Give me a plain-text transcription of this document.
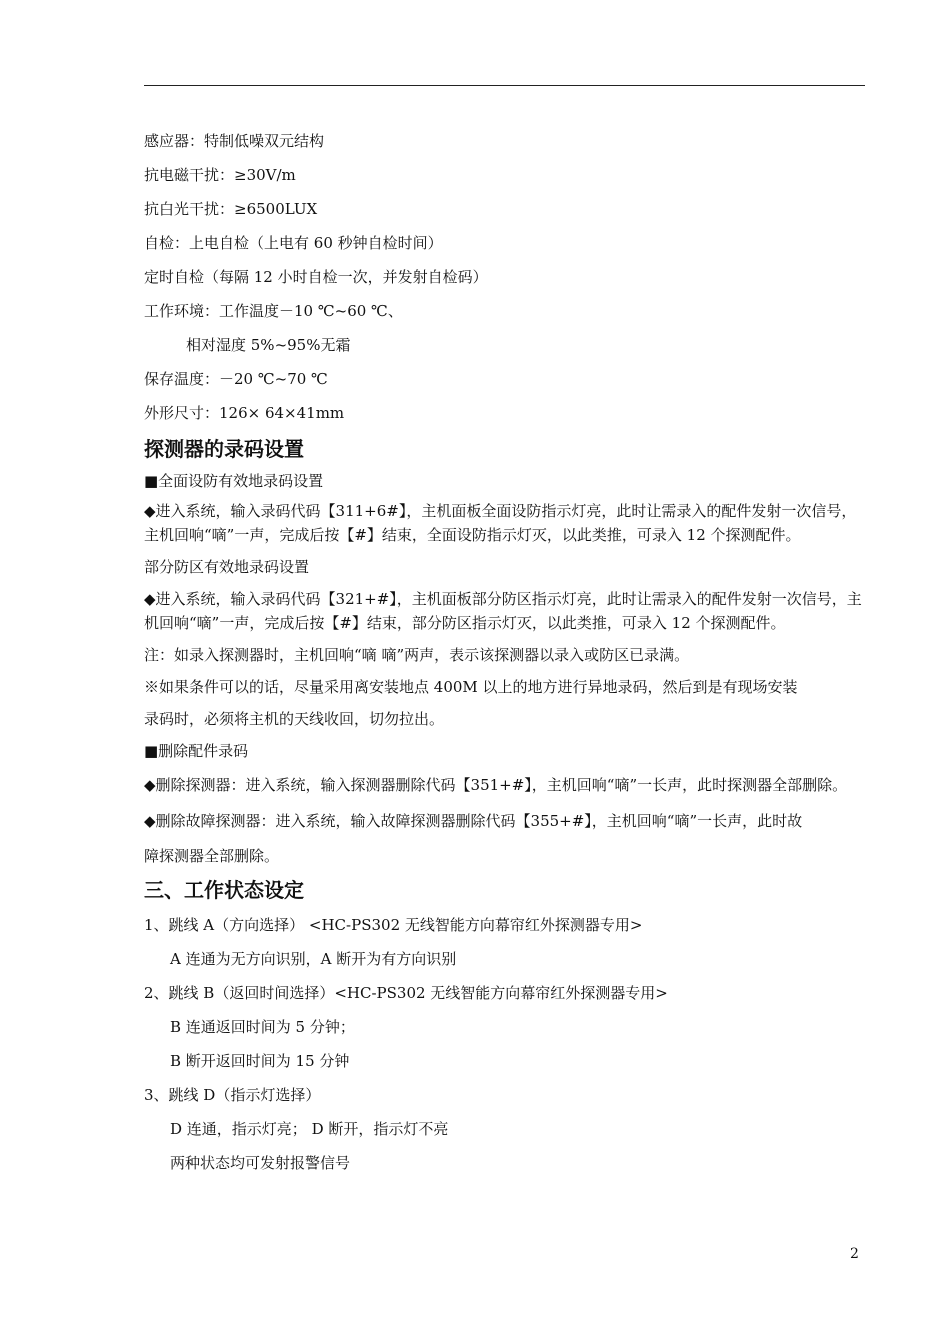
感应器：特制低噪双元结构

抗电磁干扰：≥30V/m

抗白光干扰：≥6500LUX

自检：上电自检（上电有 60 秒钟自检时间）

定时自检（每隔 12 小时自检一次，并发射自检码）

工作环境：工作温度－10 ℃~60 ℃、

相对湿度 5%~95%无霜

保存温度：－20 ℃~70 ℃

外形尺寸：126× 64×41mm

探测器的录码设置

■全面设防有效地录码设置

◆进入系统，输入录码代码【311+6#】，主机面板全面设防指示灯亮，此时让需录入的配件发射一次信号，主机回响“嘀”一声，完成后按【#】结束，全面设防指示灯灭，以此类推，可录入 12 个探测配件。

部分防区有效地录码设置

◆进入系统，输入录码代码【321+#】，主机面板部分防区指示灯亮，此时让需录入的配件发射一次信号，主机回响“嘀”一声，完成后按【#】结束，部分防区指示灯灭，以此类推，可录入 12 个探测配件。

注：如录入探测器时，主机回响“嘀 嘀”两声，表示该探测器以录入或防区已录满。

※如果条件可以的话，尽量采用离安装地点 400M 以上的地方进行异地录码，然后到是有现场安装

录码时，必须将主机的天线收回，切勿拉出。

■删除配件录码

◆删除探测器：进入系统，输入探测器删除代码【351+#】，主机回响“嘀”一长声，此时探测器全部删除。

◆删除故障探测器：进入系统，输入故障探测器删除代码【355+#】，主机回响“嘀”一长声，此时故

障探测器全部删除。

三、工作状态设定

1、跳线 A（方向选择） <HC-PS302 无线智能方向幕帘红外探测器专用>

A 连通为无方向识别，A 断开为有方向识别

2、跳线 B（返回时间选择）<HC-PS302 无线智能方向幕帘红外探测器专用>

B 连通返回时间为 5 分钟；

B 断开返回时间为 15 分钟

3、跳线 D（指示灯选择）

D 连通，指示灯亮； D 断开，指示灯不亮

两种状态均可发射报警信号

2
